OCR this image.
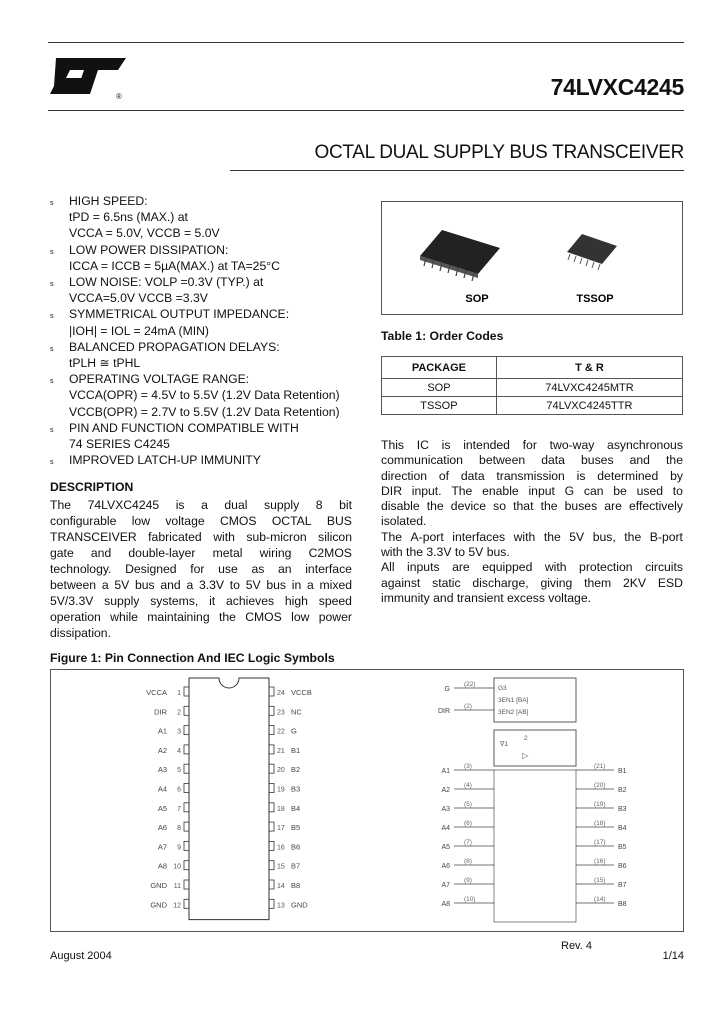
®	74LVXC4245
OCTAL DUAL SUPPLY BUS TRANSCEIVER
s HIGH SPEED:
tPD = 6.5ns (MAX.) at
VCCA = 5.0V, VCCB = 5.0V
s LOW POWER DISSIPATION:
ICCA = ICCB = 5µA(MAX.) at TA=25°C
s LOW NOISE: VOLP =0.3V (TYP.) at
VCCA=5.0V VCCB =3.3V
s SYMMETRICAL OUTPUT IMPEDANCE:
|IOH| = IOL = 24mA (MIN)
s BALANCED PROPAGATION DELAYS:
tPLH ≅ tPHL
s OPERATING VOLTAGE RANGE:
VCCA(OPR) = 4.5V to 5.5V (1.2V Data Retention)
VCCB(OPR) = 2.7V to 5.5V (1.2V Data Retention)
s PIN AND FUNCTION COMPATIBLE WITH
74 SERIES C4245
s IMPROVED LATCH-UP IMMUNITY
DESCRIPTION
The 74LVXC4245 is a dual supply 8 bit
configurable low voltage CMOS OCTAL BUS
TRANSCEIVER fabricated with sub-micron silicon
gate and double-layer metal wiring C2MOS
technology. Designed for use as an interface
between a 5V bus and a 3.3V to 5V bus in a mixed
5V/3.3V supply systems, it achieves high speed
operation while maintaining the CMOS low power
dissipation.
SOP	TSSOP
Table 1: Order Codes
PACKAGE	T & R
SOP	74LVXC4245MTR
TSSOP	74LVXC4245TTR
This IC is intended for two-way asynchronous
communication between data buses and the
direction of data transmission is determined by
DIR input. The enable input G can be used to
disable the device so that the buses are effectively
isolated.
The A-port interfaces with the 5V bus, the B-port
with the 3.3V to 5V bus.
All inputs are equipped with protection circuits
against static discharge, giving them 2KV ESD
immunity and transient excess voltage.
Figure 1: Pin Connection And IEC Logic Symbols
1
VCCA
2
DIR
3
A1
4
A2
5
A3
6
A4
7
A5
8
A6
9
A7
10
A8
11
GND
12
GND
24 VCCB
23 NC
22 G
21 B1
20 B2
19 B3
18 B4
17 B5
16 B6
15 B7
14 B8
13 GND
G3
3EN1 [BA]
3EN2 [AB]
∇1
2
▷
G
(22)
DIR
(2)
A1
(3)
A2
(4)
A3
(5)
A4
(6)
A5
(7)
A6
(8)
A7
(9)
A8
(10)
B1
(21)
B2
(20)
B3
(19)
B4
(18)
B5
(17)
B6
(16)
B7
(15)
B8
(14)
August 2004
Rev. 4
1/14
